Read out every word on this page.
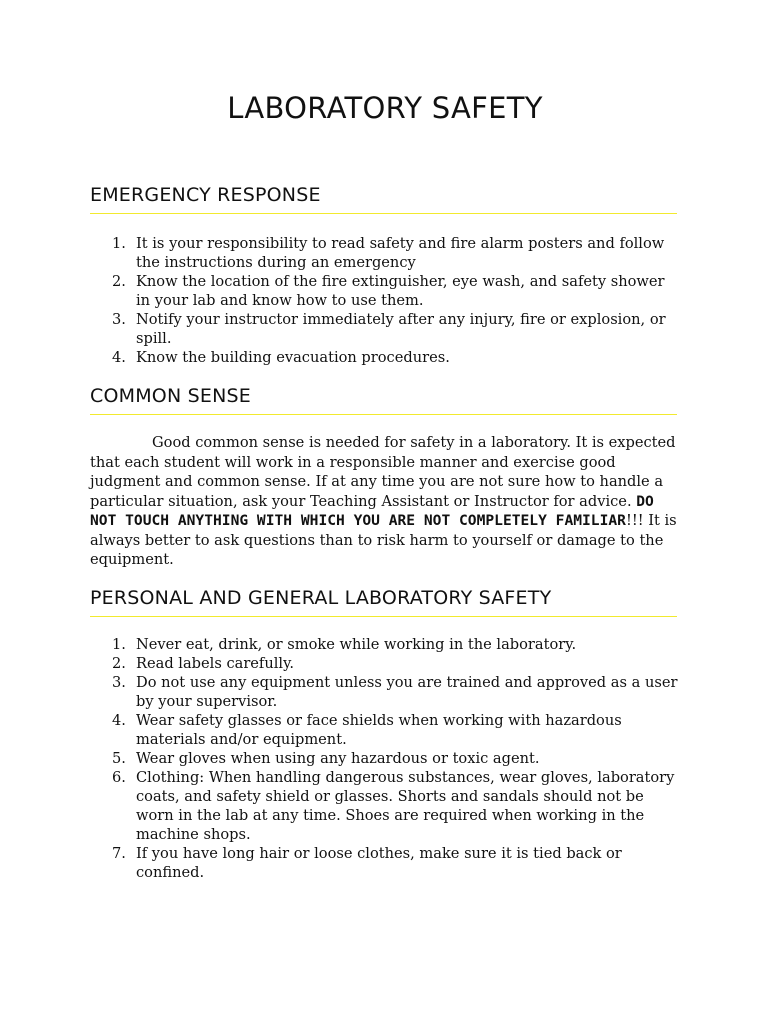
LABORATORY SAFETY
EMERGENCY RESPONSE
1. It is your responsibility to read safety and fire alarm posters and follow the instructions during an emergency
2. Know the location of the fire extinguisher, eye wash, and safety shower in your lab and know how to use them.
3. Notify your instructor immediately after any injury, fire or explosion, or spill.
4. Know the building evacuation procedures.
COMMON SENSE

Good common sense is needed for safety in a laboratory. It is expected that each student will work in a responsible manner and exercise good judgment and common sense. If at any time you are not sure how to handle a particular situation, ask your Teaching Assistant or Instructor for advice. DO NOT TOUCH ANYTHING WITH WHICH YOU ARE NOT COMPLETELY FAMILIAR!!! It is always better to ask questions than to risk harm to yourself or damage to the equipment.

PERSONAL AND GENERAL LABORATORY SAFETY
1. Never eat, drink, or smoke while working in the laboratory.
2. Read labels carefully.
3. Do not use any equipment unless you are trained and approved as a user by your supervisor.
4. Wear safety glasses or face shields when working with hazardous materials and/or equipment.
5. Wear gloves when using any hazardous or toxic agent.
6. Clothing: When handling dangerous substances, wear gloves, laboratory coats, and safety shield or glasses. Shorts and sandals should not be worn in the lab at any time. Shoes are required when working in the machine shops.
7. If you have long hair or loose clothes, make sure it is tied back or confined.
